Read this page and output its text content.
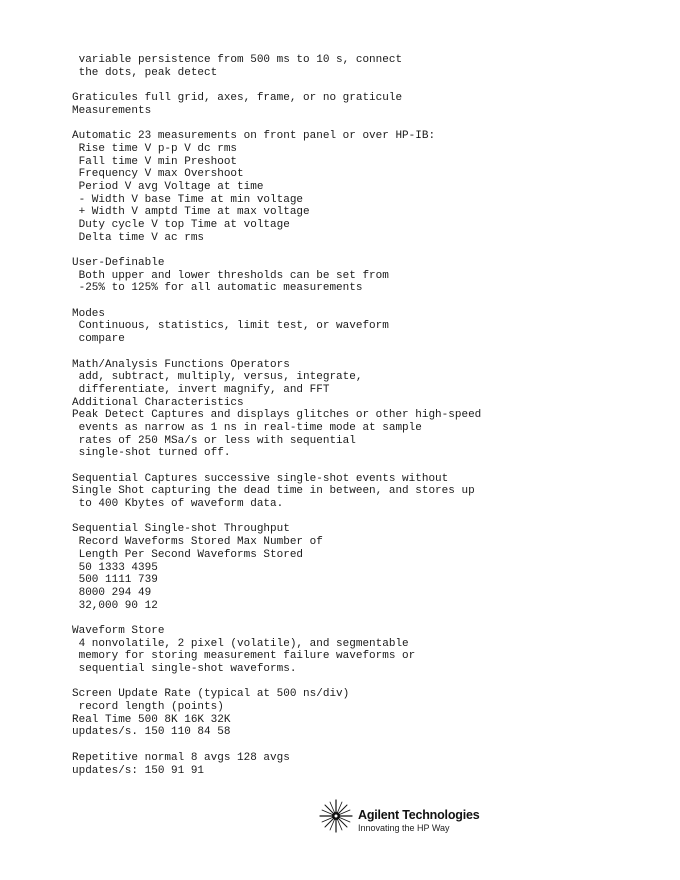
variable persistence from 500 ms to 10 s, connect
the dots, peak detect
Graticules full grid, axes, frame, or no graticule
Measurements
Automatic 23 measurements on front panel or over HP-IB:
Rise time V p-p V dc rms
Fall time V min Preshoot
Frequency V max Overshoot
Period V avg Voltage at time
- Width V base Time at min voltage
+ Width V amptd Time at max voltage
Duty cycle V top Time at voltage
Delta time V ac rms
User-Definable
Both upper and lower thresholds can be set from
-25% to 125% for all automatic measurements
Modes
Continuous, statistics, limit test, or waveform
compare
Math/Analysis Functions Operators
add, subtract, multiply, versus, integrate,
differentiate, invert magnify, and FFT
Additional Characteristics
Peak Detect Captures and displays glitches or other high-speed
events as narrow as 1 ns in real-time mode at sample
rates of 250 MSa/s or less with sequential
single-shot turned off.
Sequential Captures successive single-shot events without
Single Shot capturing the dead time in between, and stores up
to 400 Kbytes of waveform data.
Sequential Single-shot Throughput
Record Waveforms Stored Max Number of
Length Per Second Waveforms Stored
50 1333 4395
500 1111 739
8000 294 49
32,000 90 12
Waveform Store
4 nonvolatile, 2 pixel (volatile), and segmentable
memory for storing measurement failure waveforms or
sequential single-shot waveforms.
Screen Update Rate (typical at 500 ns/div)
record length (points)
Real Time 500 8K 16K 32K
updates/s. 150 110 84 58
Repetitive normal 8 avgs 128 avgs
updates/s: 150 91 91
Agilent Technologies
Innovating the HP Way
